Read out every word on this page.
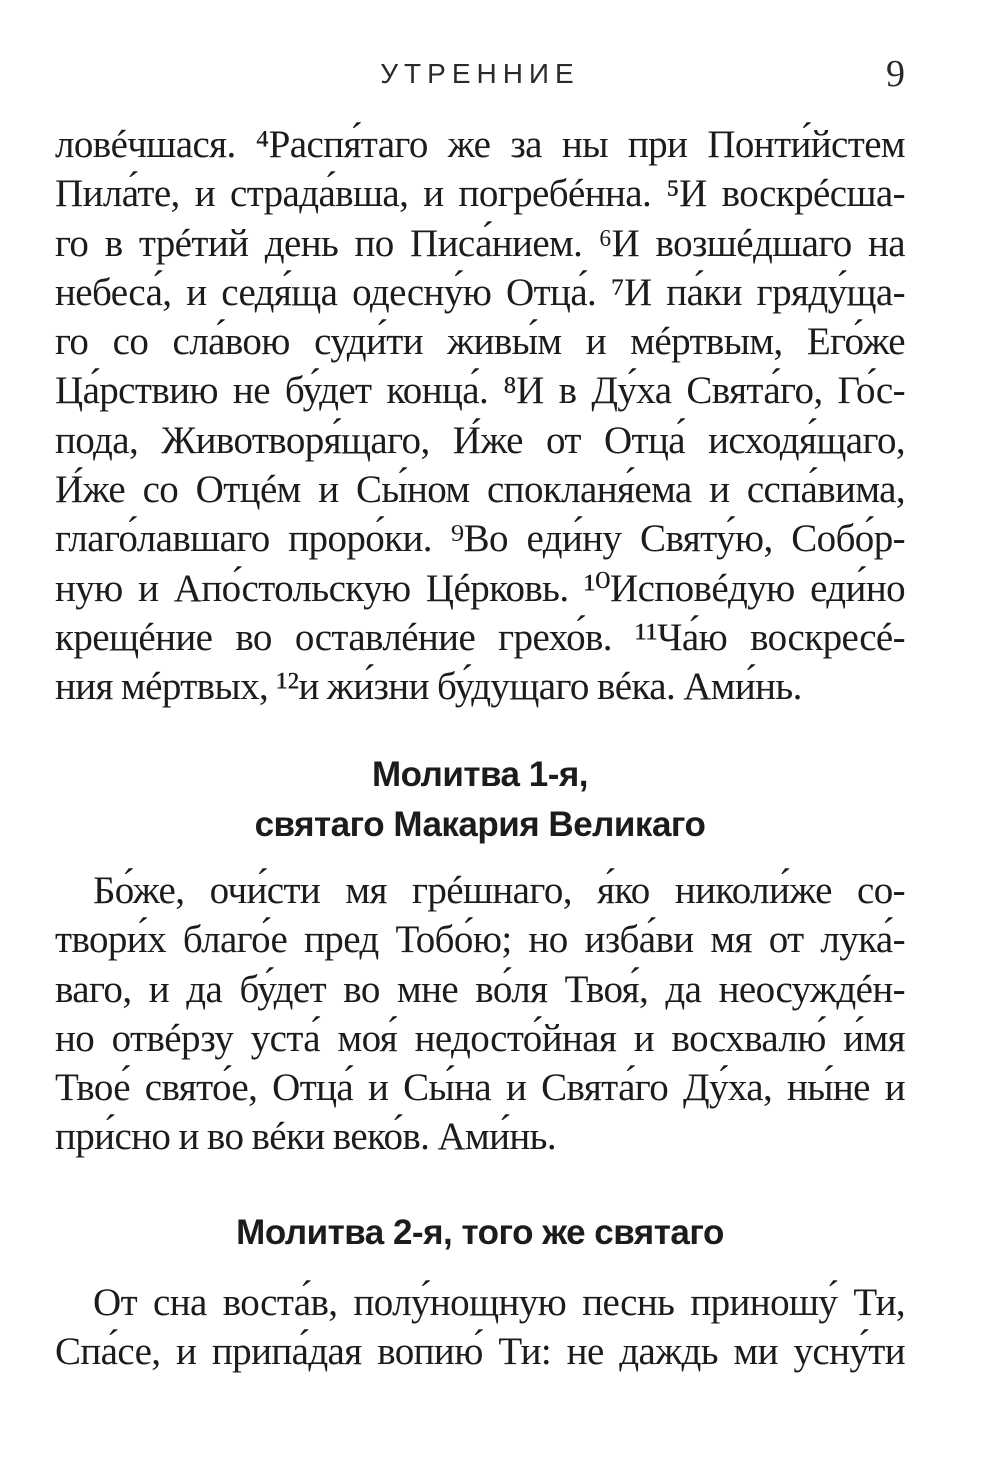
УТРЕННИЕ	9
ловéчшася. ⁴Распя́таго же за ны при Понти́йстем
Пила́те, и страда́вша, и погребéнна. ⁵И воскрéсша-
го в трéтий день по Писа́нием. ⁶И возшéдшаго на
небеса́, и седя́ща одесну́ю Отца́. ⁷И па́ки гряду́ща-
го со сла́вою суди́ти живы́м и мéртвым, Его́же
Ца́рствию не бу́дет конца́. ⁸И в Ду́ха Свята́го, Го́с-
пода, Животворя́щаго, И́же от Отца́ исходя́щаго,
И́же со Отцéм и Сы́ном спокланя́ема и сспа́вима,
глаго́лавшаго проро́ки. ⁹Во еди́ну Святу́ю, Собо́р-
ную и Апо́стольскую Цéрковь. ¹⁰Исповéдую еди́но
крещéние во оставлéние грехо́в. ¹¹Ча́ю воскресé-
ния мéртвых, ¹²и жи́зни бу́дущаго вéка. Ами́нь.
Молитва 1-я,
святаго Макария Великаго
Бо́же, очи́сти мя грéшнаго, я́ко николи́же со-
твори́х благо́е пред Тобо́ю; но изба́ви мя от лука́-
ваго, и да бу́дет во мне во́ля Твоя́, да неосуждéн-
но отвéрзу уста́ моя́ недосто́йная и восхвалю́ и́мя
Твое́ свято́е, Отца́ и Сы́на и Свята́го Ду́ха, ны́не и
при́сно и во вéки веко́в. Ами́нь.
Молитва 2-я, того же святаго
От сна воста́в, полу́нощную песнь приношу́ Ти,
Спа́се, и припа́дая вопию́ Ти: не даждь ми усну́ти
